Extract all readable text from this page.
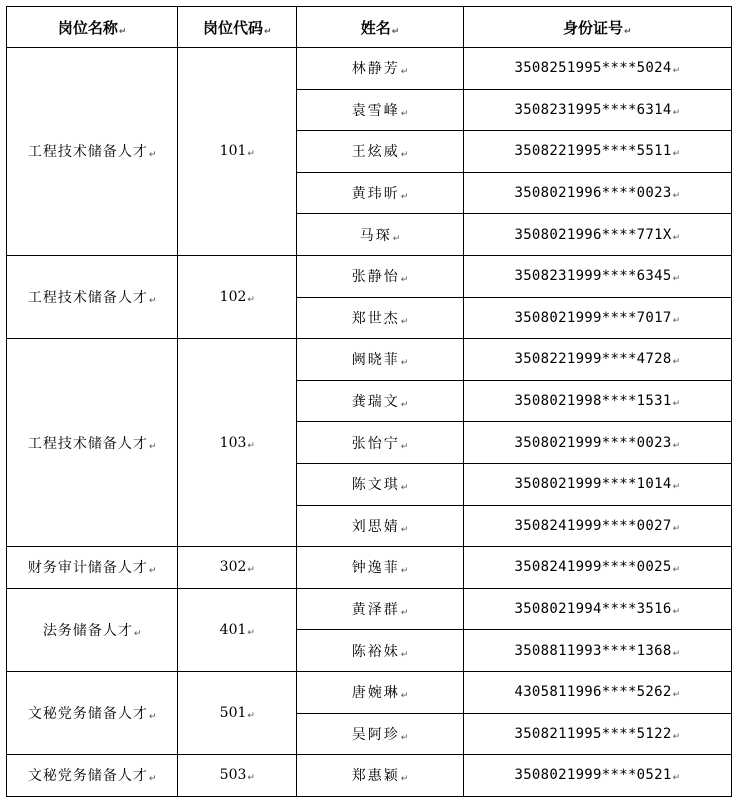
岗位名称↵	岗位代码↵	姓名↵	身份证号↵
工程技术储备人才↵	101↵	林静芳↵	3508251995****5024↵
		袁雪峰↵	3508231995****6314↵
		王炫威↵	3508221995****5511↵
		黄玮昕↵	3508021996****0023↵
		马琛↵	3508021996****771X↵
工程技术储备人才↵	102↵	张静怡↵	3508231999****6345↵
		郑世杰↵	3508021999****7017↵
工程技术储备人才↵	103↵	阙晓菲↵	3508221999****4728↵
		龚瑞文↵	3508021998****1531↵
		张怡宁↵	3508021999****0023↵
		陈文琪↵	3508021999****1014↵
		刘思婧↵	3508241999****0027↵
财务审计储备人才↵	302↵	钟逸菲↵	3508241999****0025↵
法务储备人才↵	401↵	黄泽群↵	3508021994****3516↵
		陈裕妹↵	3508811993****1368↵
文秘党务储备人才↵	501↵	唐婉琳↵	4305811996****5262↵
		吴阿珍↵	3508211995****5122↵
文秘党务储备人才↵	503↵	郑惠颖↵	3508021999****0521↵
